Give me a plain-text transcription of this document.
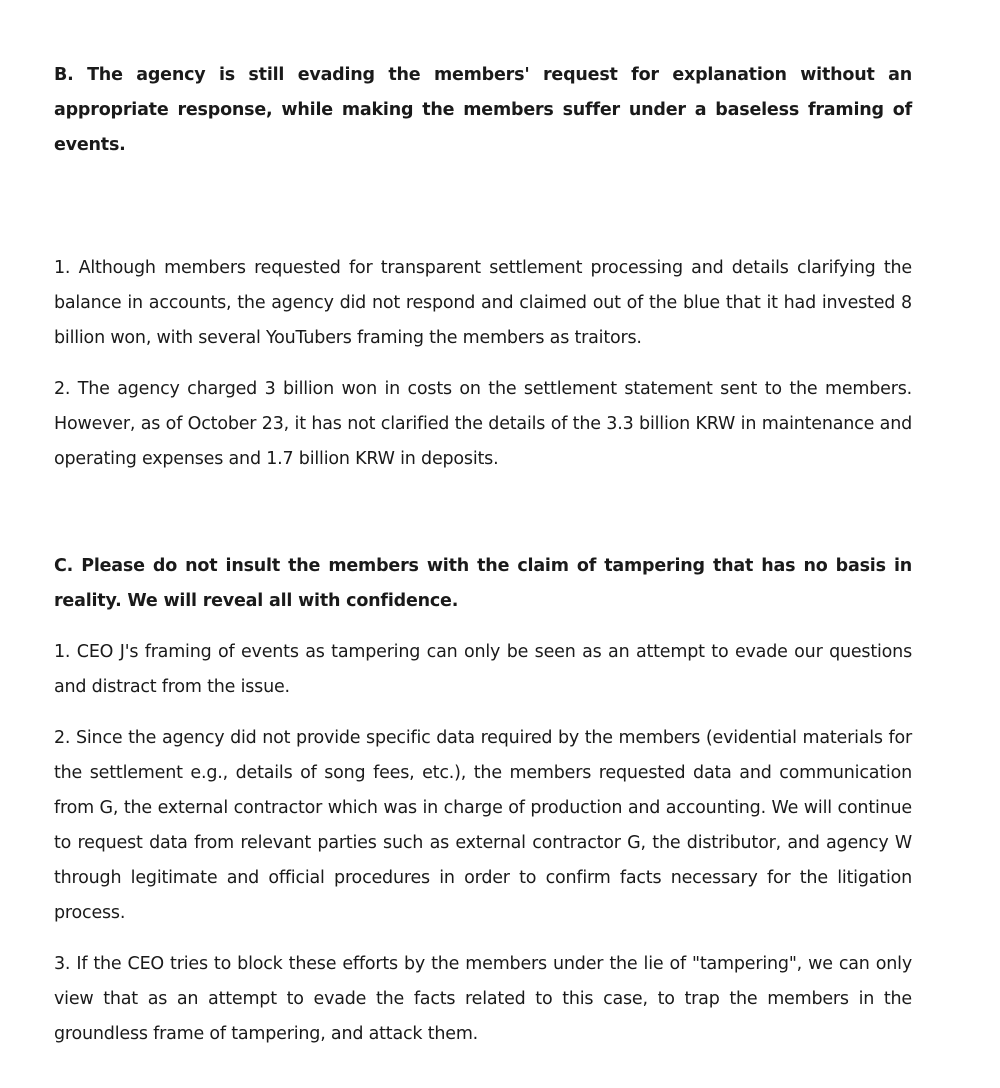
B. The agency is still evading the members' request for explanation without an appropriate response, while making the members suffer under a baseless framing of events.

1. Although members requested for transparent settlement processing and details clarifying the balance in accounts, the agency did not respond and claimed out of the blue that it had invested 8 billion won, with several YouTubers framing the members as traitors.

2. The agency charged 3 billion won in costs on the settlement statement sent to the members. However, as of October 23, it has not clarified the details of the 3.3 billion KRW in maintenance and operating expenses and 1.7 billion KRW in deposits.

C. Please do not insult the members with the claim of tampering that has no basis in reality. We will reveal all with confidence.

1. CEO J's framing of events as tampering can only be seen as an attempt to evade our questions and distract from the issue.

2. Since the agency did not provide specific data required by the members (evidential materials for the settlement e.g., details of song fees, etc.), the members requested data and communication from G, the external contractor which was in charge of production and accounting. We will continue to request data from relevant parties such as external contractor G, the distributor, and agency W through legitimate and official procedures in order to confirm facts necessary for the litigation process.

3. If the CEO tries to block these efforts by the members under the lie of "tampering", we can only view that as an attempt to evade the facts related to this case, to trap the members in the groundless frame of tampering, and attack them.
